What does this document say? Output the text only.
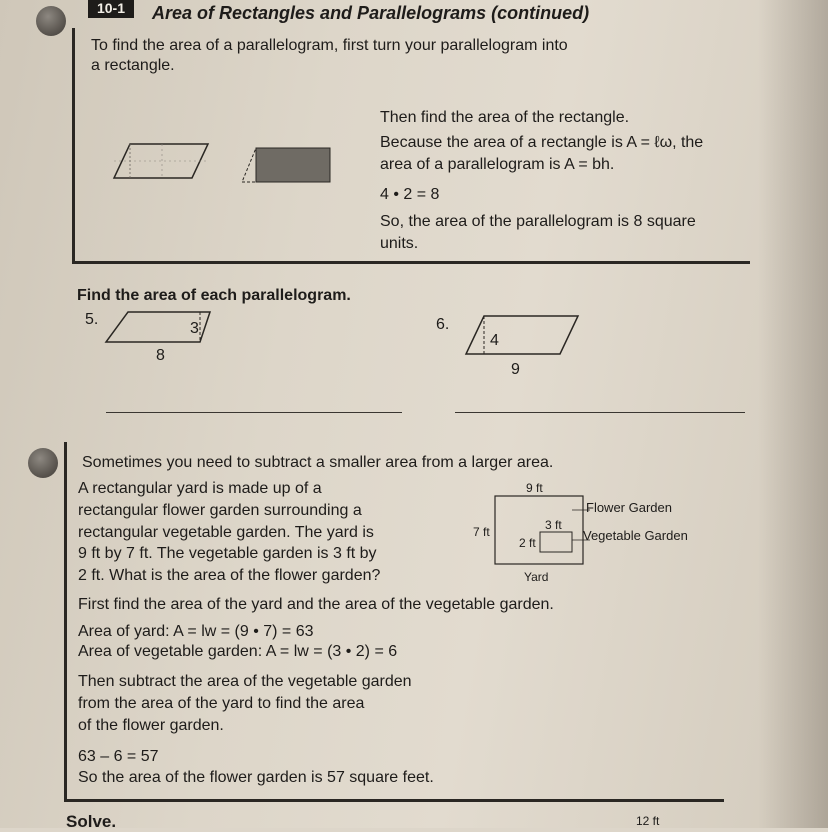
10-1	Area of Rectangles and Parallelograms (continued)
To find the area of a parallelogram, first turn your parallelogram into
a rectangle.
Then find the area of the rectangle.
Because the area of a rectangle is A = ℓω, the
area of a parallelogram is A = bh.
4 • 2 = 8
So, the area of the parallelogram is 8 square
units.
Find the area of each parallelogram.
5.
3
8
6.
4
9
Sometimes you need to subtract a smaller area from a larger area.
A rectangular yard is made up of a
rectangular flower garden surrounding a
rectangular vegetable garden. The yard is
9 ft by 7 ft. The vegetable garden is 3 ft by
2 ft. What is the area of the flower garden?
9 ft
7 ft	3 ft
2 ft
Flower Garden
Vegetable Garden
Yard
First find the area of the yard and the area of the vegetable garden.
Area of yard: A = lw = (9 • 7) = 63
Area of vegetable garden: A = lw = (3 • 2) = 6
Then subtract the area of the vegetable garden
from the area of the yard to find the area
of the flower garden.
63 – 6 = 57
So the area of the flower garden is 57 square feet.
Solve.	12 ft
